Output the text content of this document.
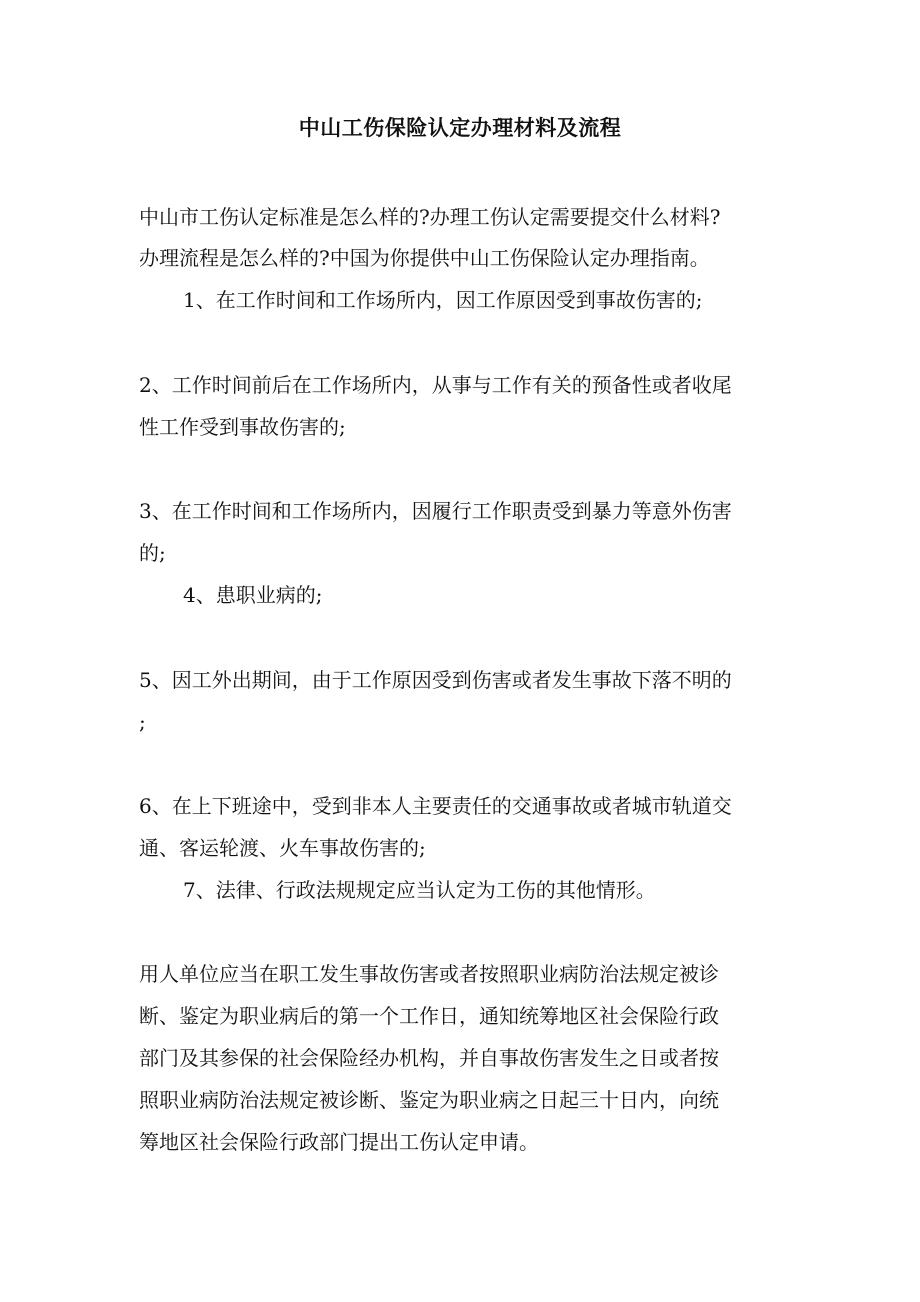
中山工伤保险认定办理材料及流程
中山市工伤认定标准是怎么样的?办理工伤认定需要提交什么材料?
办理流程是怎么样的?中国为你提供中山工伤保险认定办理指南。
1、在工作时间和工作场所内，因工作原因受到事故伤害的;
2、工作时间前后在工作场所内，从事与工作有关的预备性或者收尾
性工作受到事故伤害的;
3、在工作时间和工作场所内，因履行工作职责受到暴力等意外伤害
的;
4、患职业病的;
5、因工外出期间，由于工作原因受到伤害或者发生事故下落不明的
;
6、在上下班途中，受到非本人主要责任的交通事故或者城市轨道交
通、客运轮渡、火车事故伤害的;
7、法律、行政法规规定应当认定为工伤的其他情形。
用人单位应当在职工发生事故伤害或者按照职业病防治法规定被诊
断、鉴定为职业病后的第一个工作日，通知统筹地区社会保险行政
部门及其参保的社会保险经办机构，并自事故伤害发生之日或者按
照职业病防治法规定被诊断、鉴定为职业病之日起三十日内，向统
筹地区社会保险行政部门提出工伤认定申请。
